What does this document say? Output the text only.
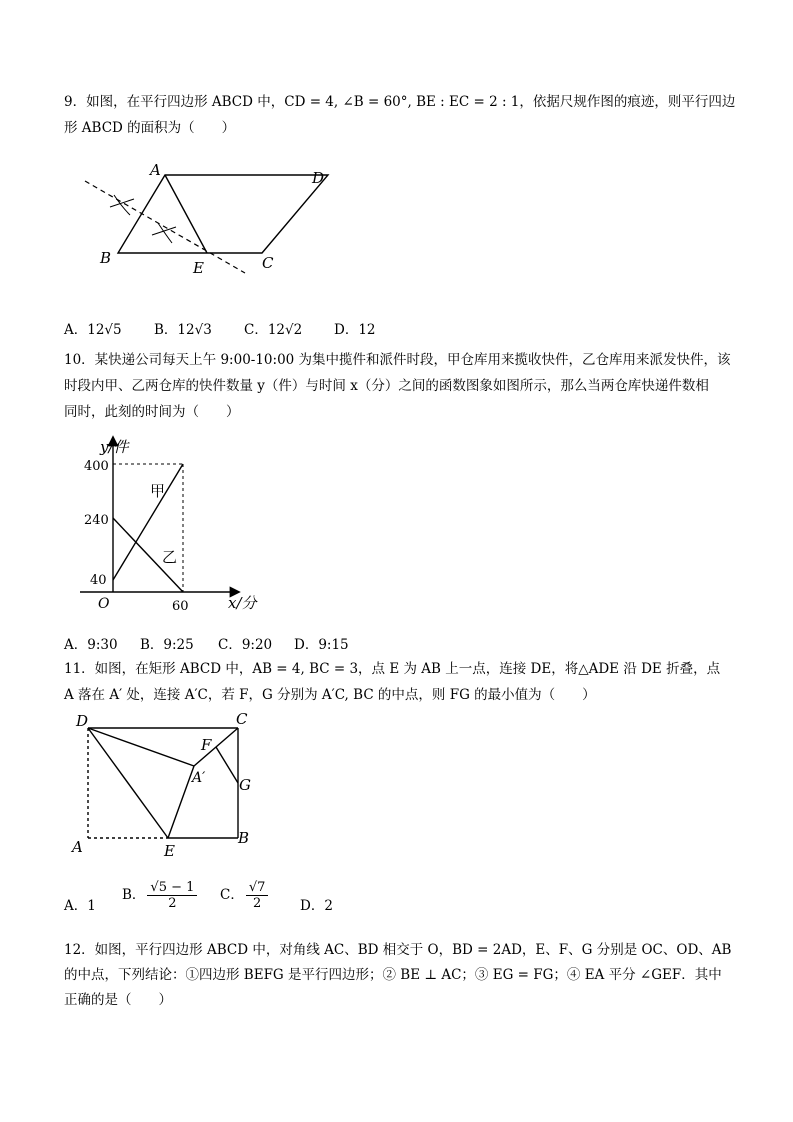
9．如图，在平行四边形 ABCD 中，CD = 4, ∠B = 60°, BE : EC = 2 : 1，依据尺规作图的痕迹，则平行四边
形 ABCD 的面积为（　　）
A	D
B
E	C
A．12√5 B．12√3 C．12√2 D．12
10．某快递公司每天上午 9:00-10:00 为集中揽件和派件时段，甲仓库用来揽收快件，乙仓库用来派发快件，该
时段内甲、乙两仓库的快件数量 y（件）与时间 x（分）之间的函数图象如图所示，那么当两仓库快递件数相
同时，此刻的时间为（　　）
y/件
400
240
40
O	60	x/分
甲
乙
A．9:30 B．9:25 C．9:20 D．9:15
11．如图，在矩形 ABCD 中，AB = 4, BC = 3，点 E 为 AB 上一点，连接 DE，将△ADE 沿 DE 折叠，点
A 落在 A′ 处，连接 A′C，若 F，G 分别为 A′C, BC 的中点，则 FG 的最小值为（　　）
D	C
A	B
E
F
G
A′
A．1
B． $\frac{√5 - 1}{2}$ C． $\frac{√7}{2}$ D．2
12．如图，平行四边形 ABCD 中，对角线 AC、BD 相交于 O，BD = 2AD，E、F、G 分别是 OC、OD、AB
的中点，下列结论：①四边形 BEFG 是平行四边形；② BE ⊥ AC；③ EG = FG；④ EA 平分 ∠GEF．其中
正确的是（　　）
